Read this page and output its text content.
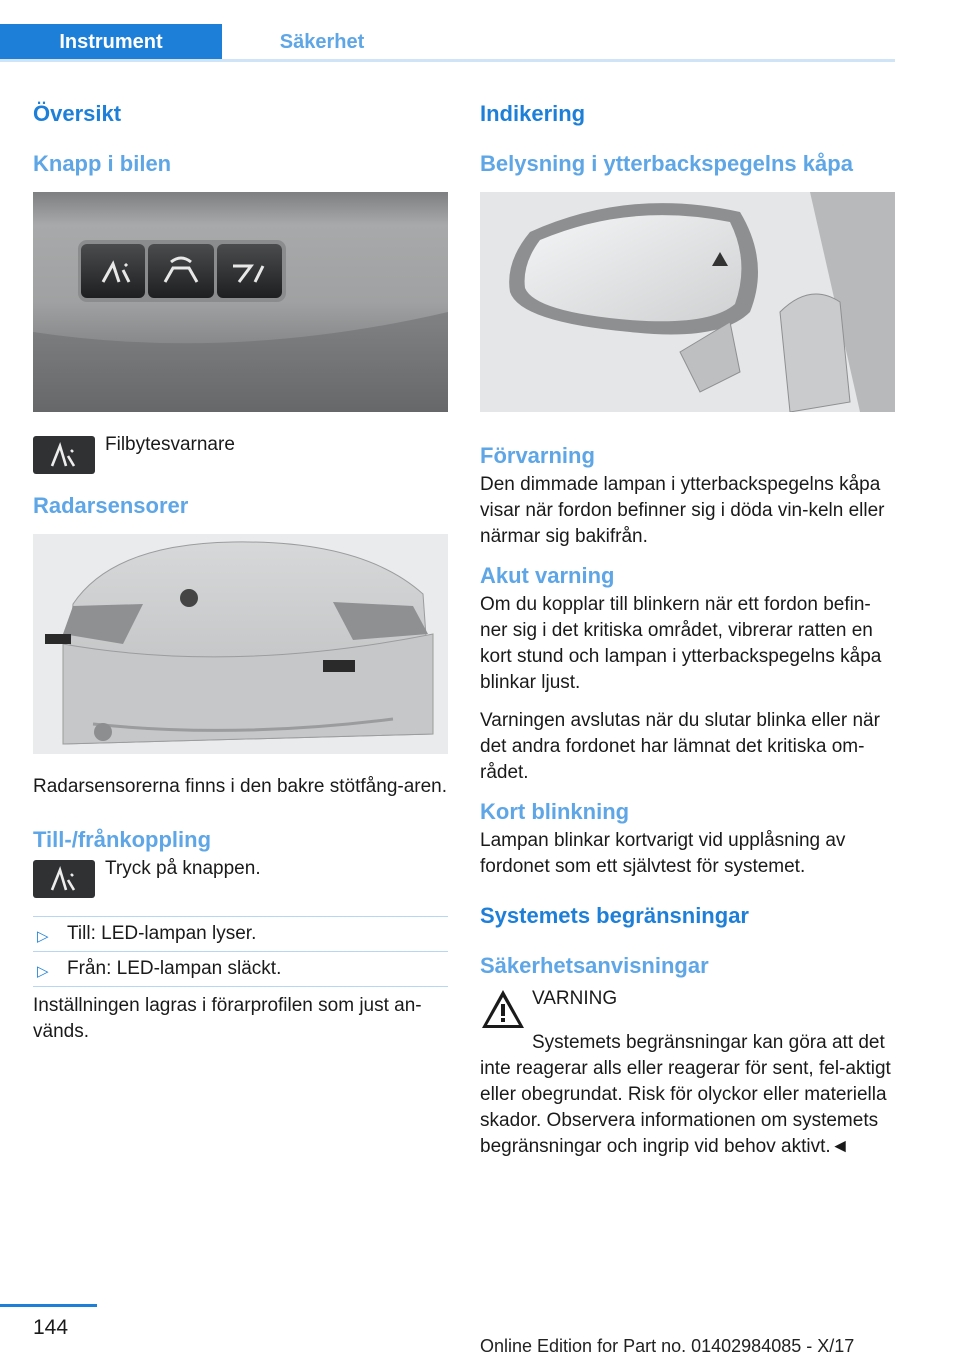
Instrument	Säkerhet
Översikt
Knapp i bilen

Filbytesvarnare

Radarsensorer

Radarsensorerna finns i den bakre stötfång-aren.

Till-/frånkoppling

Tryck på knappen.

▷ Till: LED-lampan lyser.
▷ Från: LED-lampan släckt.

Inställningen lagras i förarprofilen som just an-vänds.

Indikering
Belysning i ytterbackspegelns kåpa
Förvarning

Den dimmade lampan i ytterbackspegelns kåpa visar när fordon befinner sig i döda vin-keln eller närmar sig bakifrån.

Akut varning

Om du kopplar till blinkern när ett fordon befin-ner sig i det kritiska området, vibrerar ratten en kort stund och lampan i ytterbackspegelns kåpa blinkar ljust.

Varningen avslutas när du slutar blinka eller när det andra fordonet har lämnat det kritiska om-rådet.

Kort blinkning

Lampan blinkar kortvarigt vid upplåsning av fordonet som ett självtest för systemet.

Systemets begränsningar
Säkerhetsanvisningar

VARNING

Systemets begränsningar kan göra att det inte reagerar alls eller reagerar för sent, fel-aktigt eller obegrundat. Risk för olyckor eller materiella skador. Observera informationen om systemets begränsningar och ingrip vid behov aktivt.◄

144
Online Edition for Part no. 01402984085 - X/17
